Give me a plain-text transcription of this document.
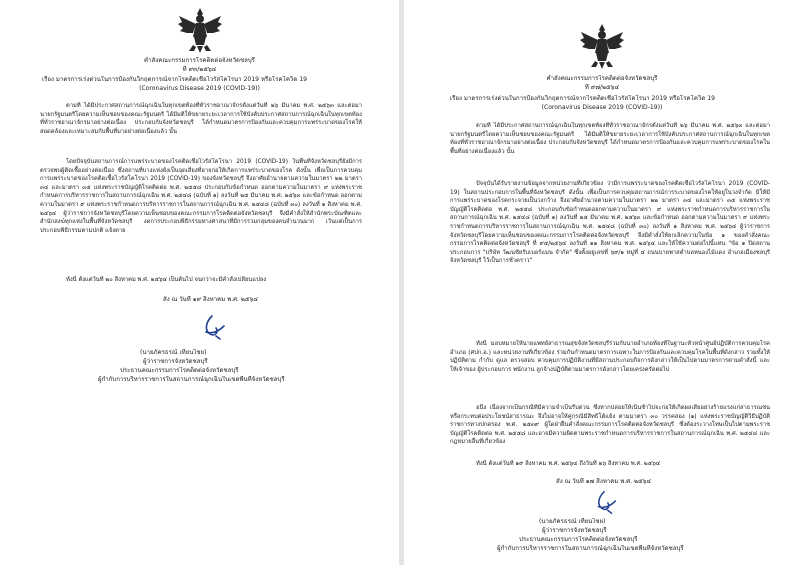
คำสั่งคณะกรรมการโรคติดต่อจังหวัดชลบุรี
ที่ ๙๓/๒๕๖๔
เรื่อง มาตรการเร่งด่วนในการป้องกันวิกฤตการณ์จากโรคติดเชื้อไวรัสโคโรนา 2019 หรือโรคโควิด 19
(Coronavirus Disease 2019 (COVID-19))
ตามที่ ได้มีประกาศสถานการณ์ฉุกเฉินในทุกเขตท้องที่ทั่วราชอาณาจักรตั้งแต่วันที่ ๒๖ มีนาคม พ.ศ. ๒๕๖๓ และต่อมานายกรัฐมนตรีโดยความเห็นชอบของคณะรัฐมนตรี ได้มีมติให้ขยายระยะเวลาการใช้บังคับประกาศสถานการณ์ฉุกเฉินในทุกเขตท้องที่ทั่วราชอาณาจักรมาอย่างต่อเนื่อง ประกอบกับจังหวัดชลบุรี ได้กำหนดมาตรการป้องกันและควบคุมการแพร่ระบาดของโรคให้สอดคล้องและเหมาะสมกับพื้นที่มาอย่างต่อเนื่องแล้ว นั้น
โดยปัจจุบันสถานการณ์การแพร่ระบาดของโรคติดเชื้อไวรัสโคโรนา 2019 (COVID-19) ในพื้นที่จังหวัดชลบุรียังมีการตรวจพบผู้ติดเชื้ออย่างต่อเนื่อง ซึ่งสถานที่บางแห่งยังเป็นจุดเสี่ยงที่อาจก่อให้เกิดการแพร่ระบาดของโรค ดังนั้น เพื่อเป็นการควบคุมการแพร่ระบาดของโรคติดเชื้อไวรัสโคโรนา 2019 (COVID-19) ของจังหวัดชลบุรี จึงอาศัยอำนาจตามความในมาตรา ๒๒ มาตรา ๓๔ และมาตรา ๓๕ แห่งพระราชบัญญัติโรคติดต่อ พ.ศ. ๒๕๕๘ ประกอบกับข้อกำหนด ออกตามความในมาตรา ๙ แห่งพระราชกำหนดการบริหารราชการในสถานการณ์ฉุกเฉิน พ.ศ. ๒๕๔๘ (ฉบับที่ ๑) ลงวันที่ ๒๕ มีนาคม พ.ศ. ๒๕๖๓ และข้อกำหนด ออกตามความในมาตรา ๙ แห่งพระราชกำหนดการบริหารราชการในสถานการณ์ฉุกเฉิน พ.ศ. ๒๕๔๘ (ฉบับที่ ๓๐) ลงวันที่ ๑ สิงหาคม พ.ศ. ๒๕๖๔ ผู้ว่าราชการจังหวัดชลบุรีโดยความเห็นชอบของคณะกรรมการโรคติดต่อจังหวัดชลบุรี จึงมีคำสั่งให้สำนักพระบัณฑิตและสำนักสงฆ์ทุกแห่งในพื้นที่จังหวัดชลบุรี งดการประกอบพิธีกรรมทางศาสนาที่มีการรวมกลุ่มของคนจำนวนมาก เว้นแต่เป็นการประกอบพิธีกรรมตามปกติ แจ้งตาย
ทั้งนี้ ตั้งแต่วันที่ ๒๐ สิงหาคม พ.ศ. ๒๕๖๔ เป็นต้นไป จนกว่าจะมีคำสั่งเปลี่ยนแปลง
สั่ง ณ วันที่ ๑๙ สิงหาคม พ.ศ. ๒๕๖๔
(นายภัครธรณ์ เทียนไชย)
ผู้ว่าราชการจังหวัดชลบุรี
ประธานคณะกรรมการโรคติดต่อจังหวัดชลบุรี
ผู้กำกับการบริหารราชการในสถานการณ์ฉุกเฉินในเขตพื้นที่จังหวัดชลบุรี
คำสั่งคณะกรรมการโรคติดต่อจังหวัดชลบุรี
ที่ ๙๗/๒๕๖๔
เรื่อง มาตรการเร่งด่วนในการป้องกันวิกฤตการณ์จากโรคติดเชื้อไวรัสโคโรนา 2019 หรือโรคโควิด 19
(Coronavirus Disease 2019 (COVID-19))
ตามที่ ได้มีประกาศสถานการณ์ฉุกเฉินในทุกเขตท้องที่ทั่วราชอาณาจักรตั้งแต่วันที่ ๒๖ มีนาคม พ.ศ. ๒๕๖๓ และต่อมานายกรัฐมนตรีโดยความเห็นชอบของคณะรัฐมนตรี ได้มีมติให้ขยายระยะเวลาการใช้บังคับประกาศสถานการณ์ฉุกเฉินในทุกเขตท้องที่ทั่วราชอาณาจักรมาอย่างต่อเนื่อง ประกอบกับจังหวัดชลบุรี ได้กำหนดมาตรการป้องกันและควบคุมการแพร่ระบาดของโรคในพื้นที่อย่างต่อเนื่องแล้ว นั้น
ปัจจุบันได้รับรายงานข้อมูลจากหน่วยงานที่เกี่ยวข้อง ว่ามีการแพร่ระบาดของโรคติดเชื้อไวรัสโคโรนา 2019 (COVID-19) ในสถานประกอบการในพื้นที่จังหวัดชลบุรี ดังนั้น เพื่อเป็นการควบคุมสถานการณ์การระบาดของโรคให้อยู่ในวงจำกัด มิให้มีการแพร่ระบาดของโรคกระจายเป็นวงกว้าง จึงอาศัยอำนาจตามความในมาตรา ๒๒ มาตรา ๓๔ และมาตรา ๓๕ แห่งพระราชบัญญัติโรคติดต่อ พ.ศ. ๒๕๕๘ ประกอบกับข้อกำหนดออกตามความในมาตรา ๙ แห่งพระราชกำหนดการบริหารราชการในสถานการณ์ฉุกเฉิน พ.ศ. ๒๕๔๘ (ฉบับที่ ๑) ลงวันที่ ๒๕ มีนาคม พ.ศ. ๒๕๖๓ และข้อกำหนด ออกตามความในมาตรา ๙ แห่งพระราชกำหนดการบริหารราชการในสถานการณ์ฉุกเฉิน พ.ศ. ๒๕๔๘ (ฉบับที่ ๓๐) ลงวันที่ ๑ สิงหาคม พ.ศ. ๒๕๖๔ ผู้ว่าราชการจังหวัดชลบุรีโดยความเห็นชอบของคณะกรรมการโรคติดต่อจังหวัดชลบุรี จึงมีคำสั่งให้ยกเลิกความในข้อ ๑ ของคำสั่งคณะกรรมการโรคติดต่อจังหวัดชลบุรี ที่ ๙๕/๒๕๖๔ ลงวันที่ ๑๑ สิงหาคม พ.ศ. ๒๕๖๔ และให้ใช้ความต่อไปนี้แทน "ข้อ ๑ ปิดสถานประกอบการ "บริษัท วัฒนชัยรับเบอร์แมน จำกัด" ซึ่งตั้งอยู่เลขที่ ๖๙/๑ หมู่ที่ ๔ ถนนบายพาสตำบลหนองไม้แดง อำเภอเมืองชลบุรี จังหวัดชลบุรี ไว้เป็นการชั่วคราว"
ทั้งนี้ มอบหมายให้นายแพทย์สาธารณสุขจังหวัดชลบุรีร่วมกับนายอำเภอท้องที่ในฐานะหัวหน้าศูนย์ปฏิบัติการควบคุมโรคอำเภอ (ศปก.อ.) และหน่วยงานที่เกี่ยวข้อง ร่วมกันกำหนดมาตรการเฉพาะในการป้องกันและควบคุมโรคในพื้นที่ดังกล่าว รวมทั้งให้ปฏิบัติตาม กำกับ ดูแล ตรวจสอบ ควบคุมการปฏิบัติงานที่มีสถานประกอบกิจการดังกล่าวให้เป็นไปตามมาตรการตามคำสั่งนี้ และให้เจ้าของ ผู้ประกอบการ พนักงาน ลูกจ้างปฏิบัติตามมาตรการดังกล่าวโดยเคร่งครัดต่อไป
อนึ่ง เนื่องจากเป็นกรณีที่มีความจำเป็นรีบด่วน ซึ่งหากปล่อยให้เนิ่นช้าไปจะก่อให้เกิดผลเสียอย่างร้ายแรงแก่สาธารณชนหรือกระทบต่อประโยชน์สาธารณะ จึงไม่อาจให้คู่กรณีมีสิทธิโต้แย้ง ตามมาตรา ๓๐ วรรคสอง (๑) แห่งพระราชบัญญัติวิธีปฏิบัติราชการทางปกครอง พ.ศ. ๒๕๓๙ ผู้ใดฝ่าฝืนคำสั่งคณะกรรมการโรคติดต่อจังหวัดชลบุรี ซึ่งต้องระวางโทษเป็นไปตามพระราชบัญญัติโรคติดต่อ พ.ศ. ๒๕๕๘ และอาจมีความผิดตามพระราชกำหนดการบริหารราชการในสถานการณ์ฉุกเฉิน พ.ศ. ๒๕๔๘ และกฎหมายอื่นที่เกี่ยวข้อง
ทั้งนี้ ตั้งแต่วันที่ ๑๙ สิงหาคม พ.ศ. ๒๕๖๔ ถึงวันที่ ๒๖ สิงหาคม พ.ศ. ๒๕๖๔
สั่ง ณ วันที่ ๑๗ สิงหาคม พ.ศ. ๒๕๖๔
(นายภัครธรณ์ เทียนไชย)
ผู้ว่าราชการจังหวัดชลบุรี
ประธานคณะกรรมการโรคติดต่อจังหวัดชลบุรี
ผู้กำกับการบริหารราชการในสถานการณ์ฉุกเฉินในเขตพื้นที่จังหวัดชลบุรี
